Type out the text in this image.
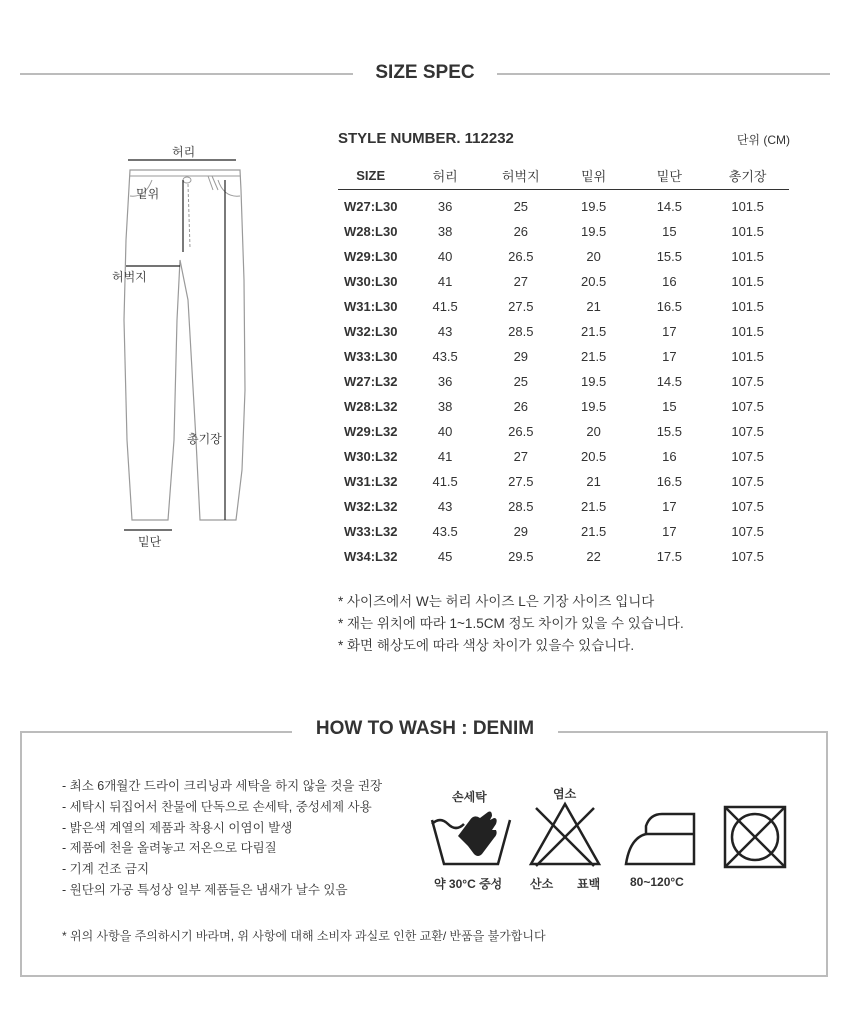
SIZE SPEC
허리
밑위
허벅지
총기장
밑단
STYLE NUMBER. 112232	단위 (CM)
SIZE	허리	허벅지	밑위	밑단	총기장
W27:L30	36	25	19.5	14.5	101.5
W28:L30	38	26	19.5	15	101.5
W29:L30	40	26.5	20	15.5	101.5
W30:L30	41	27	20.5	16	101.5
W31:L30	41.5	27.5	21	16.5	101.5
W32:L30	43	28.5	21.5	17	101.5
W33:L30	43.5	29	21.5	17	101.5
W27:L32	36	25	19.5	14.5	107.5
W28:L32	38	26	19.5	15	107.5
W29:L32	40	26.5	20	15.5	107.5
W30:L32	41	27	20.5	16	107.5
W31:L32	41.5	27.5	21	16.5	107.5
W32:L32	43	28.5	21.5	17	107.5
W33:L32	43.5	29	21.5	17	107.5
W34:L32	45	29.5	22	17.5	107.5
* 사이즈에서 W는 허리 사이즈 L은 기장 사이즈 입니다
* 재는 위치에 따라 1~1.5CM 정도 차이가 있을 수 있습니다.
* 화면 해상도에 따라 색상 차이가 있을수 있습니다.
HOW TO WASH : DENIM
- 최소 6개월간 드라이 크리닝과 세탁을 하지 않을 것을 권장
- 세탁시 뒤집어서 찬물에 단독으로 손세탁, 중성세제 사용
- 밝은색 계열의 제품과 착용시 이염이 발생
- 제품에 천을 올려놓고 저온으로 다림질
- 기계 건조 금지
- 원단의 가공 특성상 일부 제품들은 냄새가 날수 있음
* 위의 사항을 주의하시기 바라며, 위 사항에 대해 소비자 과실로 인한 교환/ 반품을 불가합니다
손세탁
약 30°C 중성
염소
산소 표백 80~120°C
